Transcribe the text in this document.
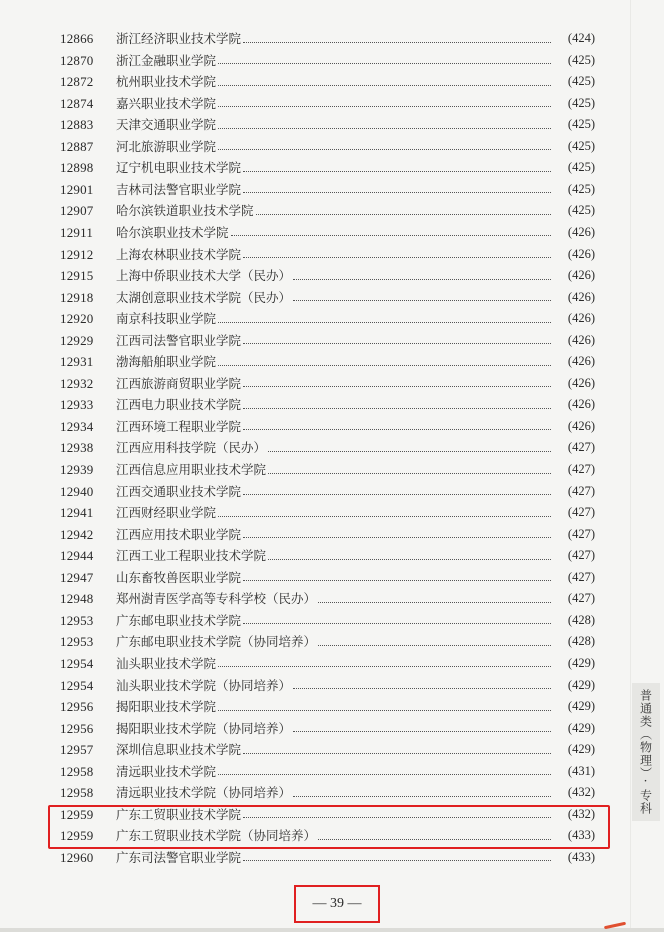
12866	浙江经济职业技术学院	(424)
12870	浙江金融职业学院	(425)
12872	杭州职业技术学院	(425)
12874	嘉兴职业技术学院	(425)
12883	天津交通职业学院	(425)
12887	河北旅游职业学院	(425)
12898	辽宁机电职业技术学院	(425)
12901	吉林司法警官职业学院	(425)
12907	哈尔滨铁道职业技术学院	(425)
12911	哈尔滨职业技术学院	(426)
12912	上海农林职业技术学院	(426)
12915	上海中侨职业技术大学（民办）	(426)
12918	太湖创意职业技术学院（民办）	(426)
12920	南京科技职业学院	(426)
12929	江西司法警官职业学院	(426)
12931	渤海船舶职业学院	(426)
12932	江西旅游商贸职业学院	(426)
12933	江西电力职业技术学院	(426)
12934	江西环境工程职业学院	(426)
12938	江西应用科技学院（民办）	(427)
12939	江西信息应用职业技术学院	(427)
12940	江西交通职业技术学院	(427)
12941	江西财经职业学院	(427)
12942	江西应用技术职业学院	(427)
12944	江西工业工程职业技术学院	(427)
12947	山东畜牧兽医职业学院	(427)
12948	郑州澍青医学高等专科学校（民办）	(427)
12953	广东邮电职业技术学院	(428)
12953	广东邮电职业技术学院（协同培养）	(428)
12954	汕头职业技术学院	(429)
12954	汕头职业技术学院（协同培养）	(429)
12956	揭阳职业技术学院	(429)
12956	揭阳职业技术学院（协同培养）	(429)
12957	深圳信息职业技术学院	(429)
12958	清远职业技术学院	(431)
12958	清远职业技术学院（协同培养）	(432)
12959	广东工贸职业技术学院	(432)
12959	广东工贸职业技术学院（协同培养）	(433)
12960	广东司法警官职业学院	(433)
— 39 —
普通类（物理）·专科
